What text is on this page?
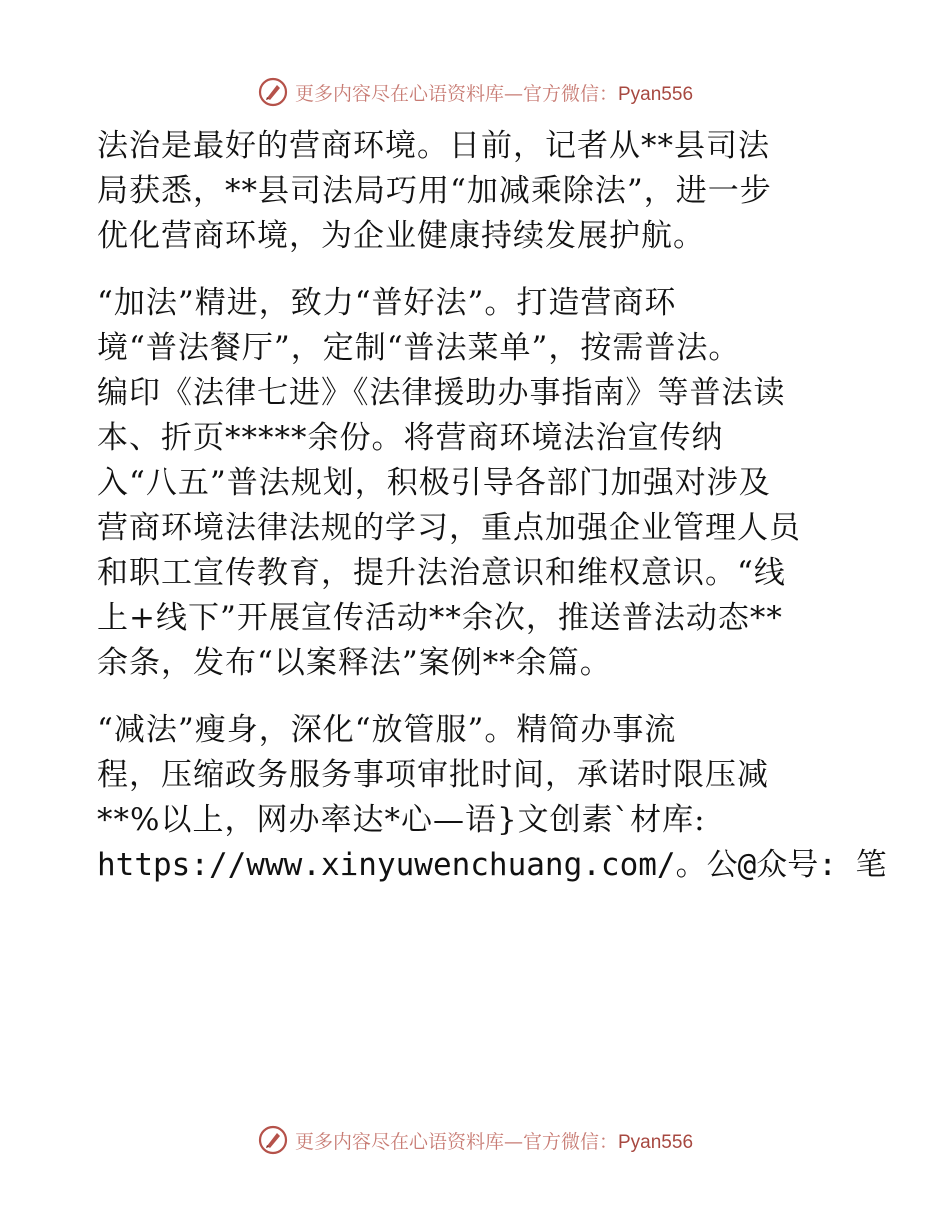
更多内容尽在心语资料库—官方微信：Pyan556
法治是最好的营商环境。日前，记者从**县司法
局获悉，**县司法局巧用“加减乘除法”，进一步
优化营商环境，为企业健康持续发展护航。
“加法”精进，致力“普好法”。打造营商环
境“普法餐厅”，定制“普法菜单”，按需普法。
编印《法律七进》《法律援助办事指南》等普法读
本、折页*****余份。将营商环境法治宣传纳
入“八五”普法规划，积极引导各部门加强对涉及
营商环境法律法规的学习，重点加强企业管理人员
和职工宣传教育，提升法治意识和维权意识。“线
上+线下”开展宣传活动**余次，推送普法动态**
余条，发布“以案释法”案例**余篇。
“减法”瘦身，深化“放管服”。精简办事流
程，压缩政务服务事项审批时间，承诺时限压减
**%以上，网办率达*心—语}文创素`材库:
https://www.xinyuwenchuang.com/。公@众号: 笔
更多内容尽在心语资料库—官方微信：Pyan556
